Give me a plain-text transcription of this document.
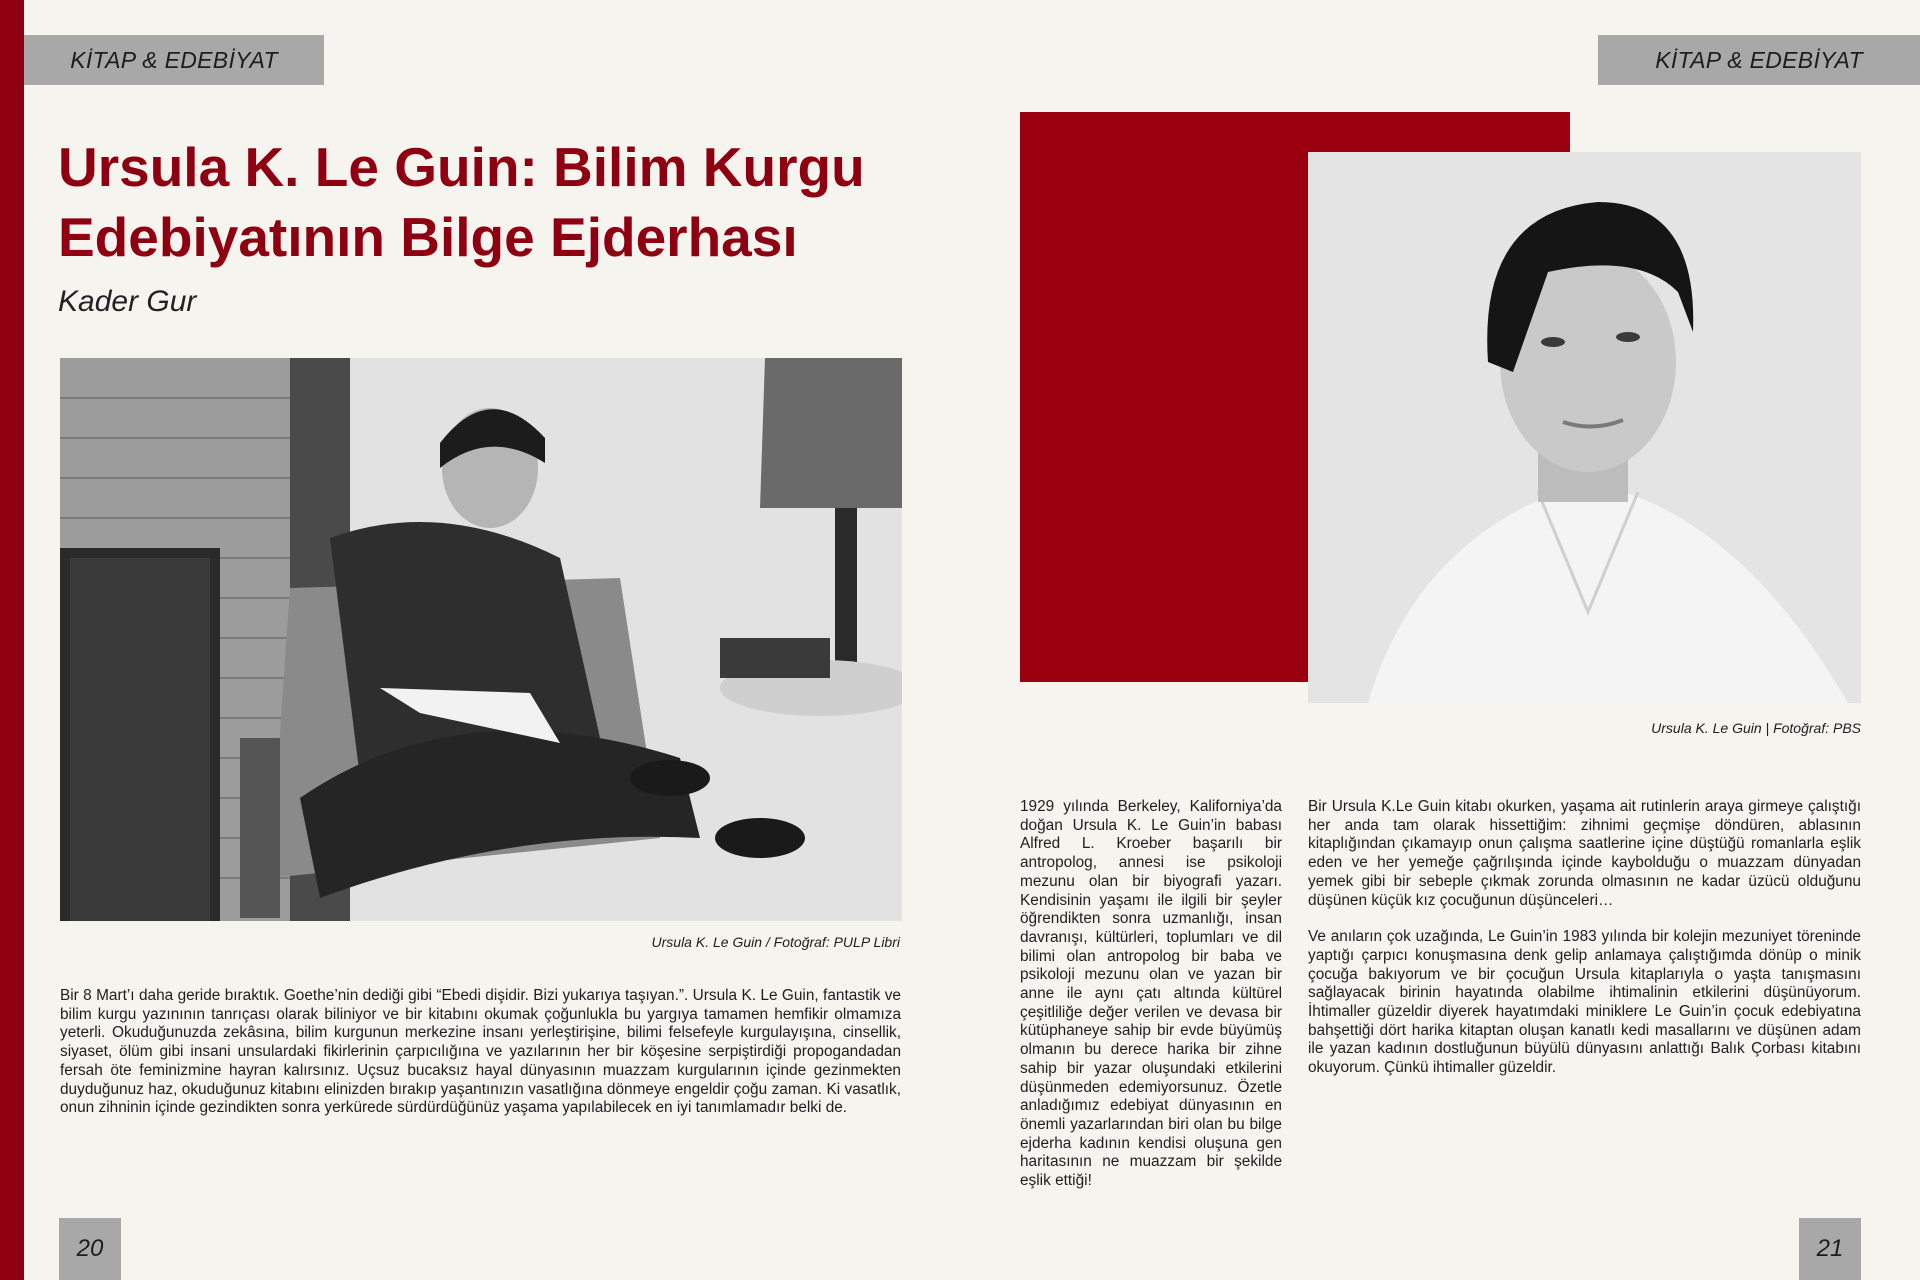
KİTAP & EDEBİYAT	KİTAP & EDEBİYAT
Ursula K. Le Guin: Bilim Kurgu
Edebiyatının Bilge Ejderhası
Kader Gur
Ursula K. Le Guin / Fotoğraf: PULP Libri
Ursula K. Le Guin | Fotoğraf: PBS

Bir 8 Mart’ı daha geride bıraktık. Goethe’nin dediği gibi “Ebedi dişidir. Bizi yukarıya taşıyan.”. Ursula K. Le Guin, fantastik ve bilim kurgu yazınının tanrıçası olarak biliniyor ve bir kitabını okumak çoğunlukla bu yargıya tamamen hemfikir olmamıza yeterli. Okuduğunuzda zekâsına, bilim kurgunun merkezine insanı yerleştirişine, bilimi felsefeyle kurgulayışına, cinsellik, siyaset, ölüm gibi insani unsulardaki fikirlerinin çarpıcılığına ve yazılarının her bir köşesine serpiştirdiği propogandadan fersah öte feminizmine hayran kalırsınız. Uçsuz bucaksız hayal dünyasının muazzam kurgularının içinde gezinmekten duyduğunuz haz, okuduğunuz kitabını elinizden bırakıp yaşantınızın vasatlığına dönmeye engeldir çoğu zaman. Ki vasatlık, onun zihninin içinde gezindikten sonra yerkürede sürdürdüğünüz yaşama yapılabilecek en iyi tanımlamadır belki de.

1929 yılında Berkeley, Kaliforniya’da doğan Ursula K. Le Guin’in babası Alfred L. Kroeber başarılı bir antropolog, annesi ise psikoloji mezunu olan bir biyografi yazarı. Kendisinin yaşamı ile ilgili bir şeyler öğrendikten sonra uzmanlığı, insan davranışı, kültürleri, toplumları ve dil bilimi olan antropolog bir baba ve psikoloji mezunu olan ve yazan bir anne ile aynı çatı altında kültürel çeşitliliğe değer verilen ve devasa bir kütüphaneye sahip bir evde büyümüş olmanın bu derece harika bir zihne sahip bir yazar oluşundaki etkilerini düşünmeden edemiyorsunuz. Özetle anladığımız edebiyat dünyasının en önemli yazarlarından biri olan bu bilge ejderha kadının kendisi oluşuna gen haritasının ne muazzam bir şekilde eşlik ettiği!

Bir Ursula K.Le Guin kitabı okurken, yaşama ait rutinlerin araya girmeye çalıştığı her anda tam olarak hissettiğim: zihnimi geçmişe döndüren, ablasının kitaplığından çıkamayıp onun çalışma saatlerine içine düştüğü romanlarla eşlik eden ve her yemeğe çağrılışında içinde kaybolduğu o muazzam dünyadan yemek gibi bir sebeple çıkmak zorunda olmasının ne kadar üzücü olduğunu düşünen küçük kız çocuğunun düşünceleri…

Ve anıların çok uzağında, Le Guin’in 1983 yılında bir kolejin mezuniyet töreninde yaptığı çarpıcı konuşmasına denk gelip anlamaya çalıştığımda dönüp o minik çocuğa bakıyorum ve bir çocuğun Ursula kitaplarıyla o yaşta tanışmasını sağlayacak birinin hayatında olabilme ihtimalinin etkilerini düşünüyorum. İhtimaller güzeldir diyerek hayatımdaki miniklere Le Guin’in çocuk edebiyatına bahşettiği dört harika kitaptan oluşan kanatlı kedi masallarını ve düşünen adam ile yazan kadının dostluğunun büyülü dünyasını anlattığı Balık Çorbası kitabını okuyorum. Çünkü ihtimaller güzeldir.

20	21
